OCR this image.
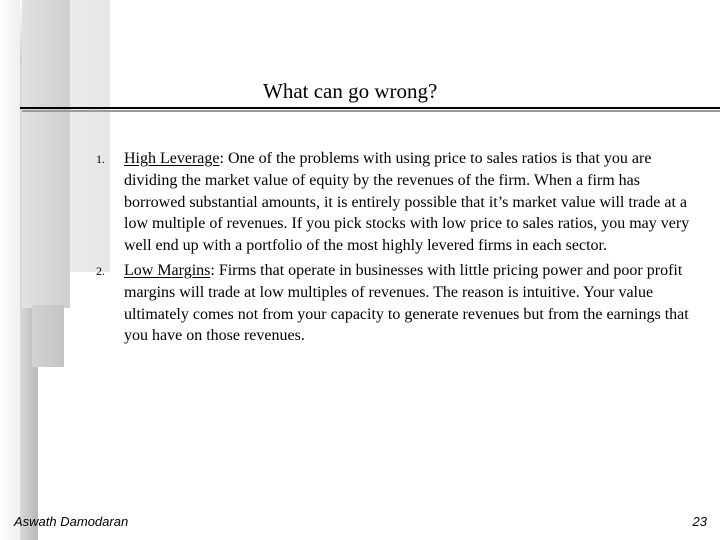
What can go wrong?
1. High Leverage: One of the problems with using price to sales ratios is that you are dividing the market value of equity by the revenues of the firm. When a firm has borrowed substantial amounts, it is entirely possible that it’s market value will trade at a low multiple of revenues. If you pick stocks with low price to sales ratios, you may very well end up with a portfolio of the most highly levered firms in each sector.
2. Low Margins: Firms that operate in businesses with little pricing power and poor profit margins will trade at low multiples of revenues. The reason is intuitive. Your value ultimately comes not from your capacity to generate revenues but from the earnings that you have on those revenues.
Aswath Damodaran	23
